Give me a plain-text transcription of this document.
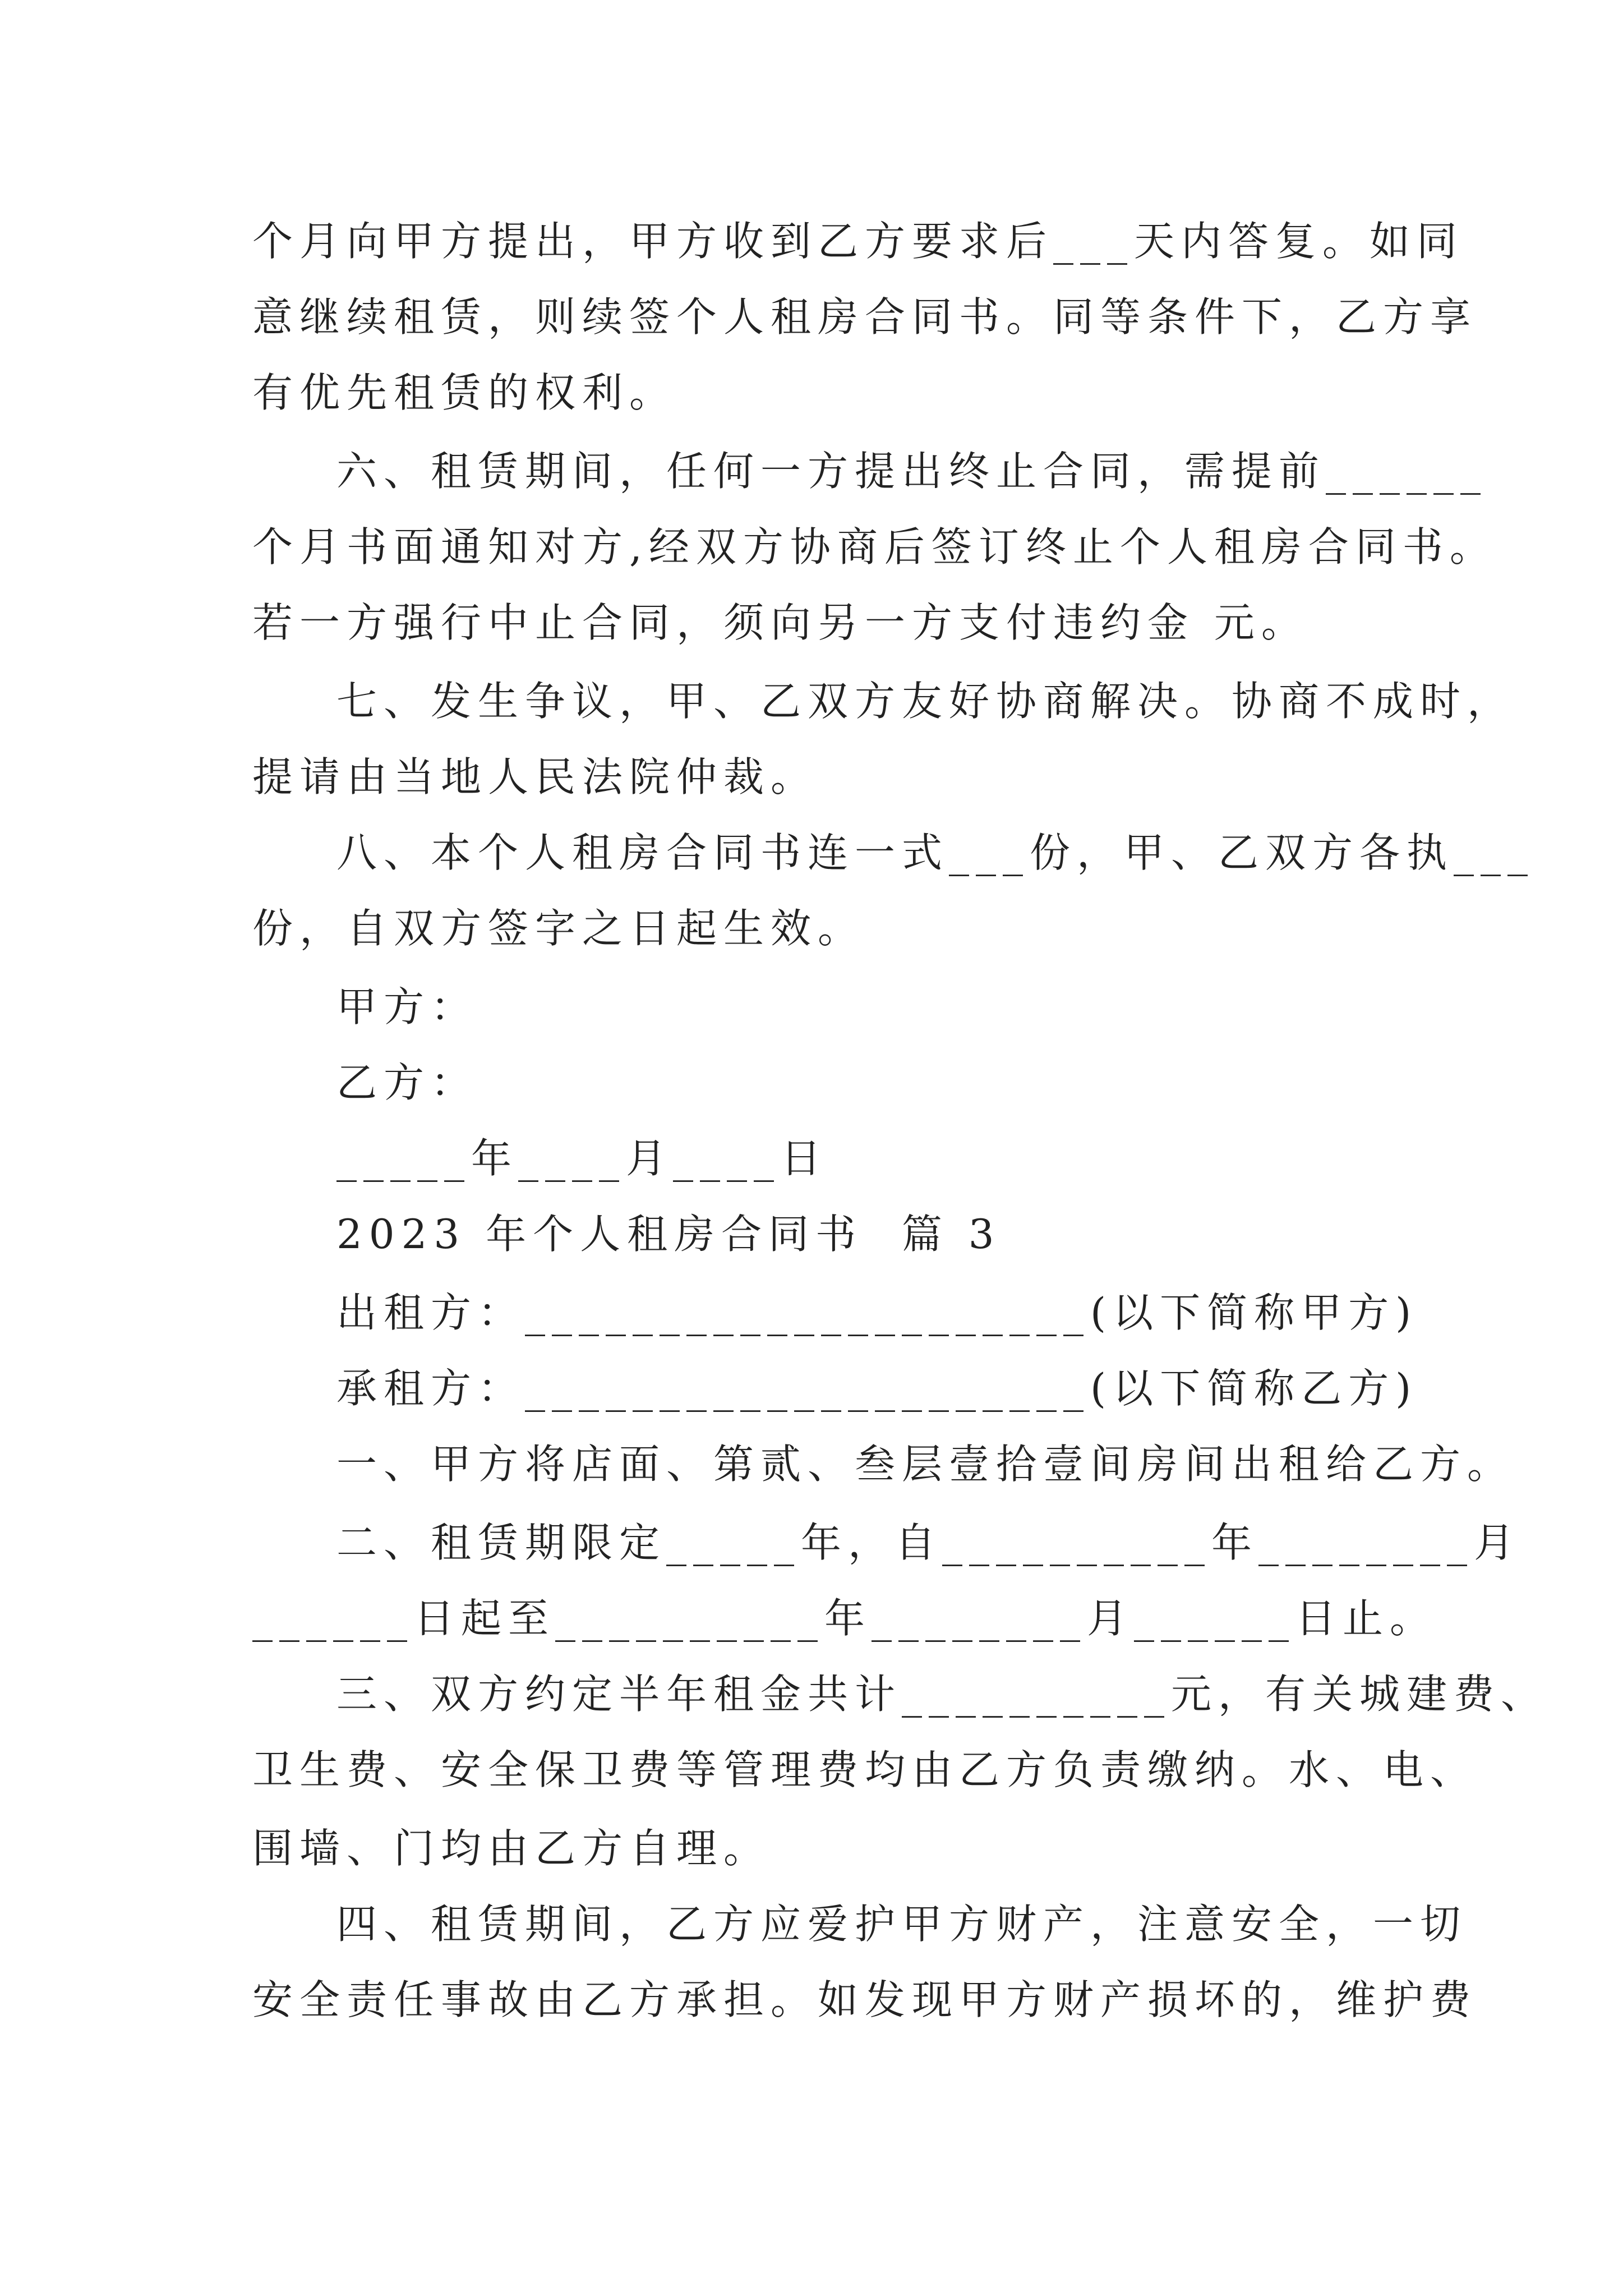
个月向甲方提出，甲方收到乙方要求后___天内答复。如同
意继续租赁，则续签个人租房合同书。同等条件下，乙方享
有优先租赁的权利。
六、租赁期间，任何一方提出终止合同，需提前______
个月书面通知对方,经双方协商后签订终止个人租房合同书。
若一方强行中止合同，须向另一方支付违约金 元。
七、发生争议，甲、乙双方友好协商解决。协商不成时，
提请由当地人民法院仲裁。
八、本个人租房合同书连一式___份，甲、乙双方各执___
份，自双方签字之日起生效。
甲方：
乙方：
_____年____月____日
2023 年个人租房合同书  篇 3
出租方：_____________________(以下简称甲方)
承租方：_____________________(以下简称乙方)
一、甲方将店面、第贰、叁层壹拾壹间房间出租给乙方。
二、租赁期限定_____年，自__________年________月
______日起至__________年________月______日止。
三、双方约定半年租金共计__________元，有关城建费、
卫生费、安全保卫费等管理费均由乙方负责缴纳。水、电、
围墙、门均由乙方自理。
四、租赁期间，乙方应爱护甲方财产，注意安全，一切
安全责任事故由乙方承担。如发现甲方财产损坏的，维护费
